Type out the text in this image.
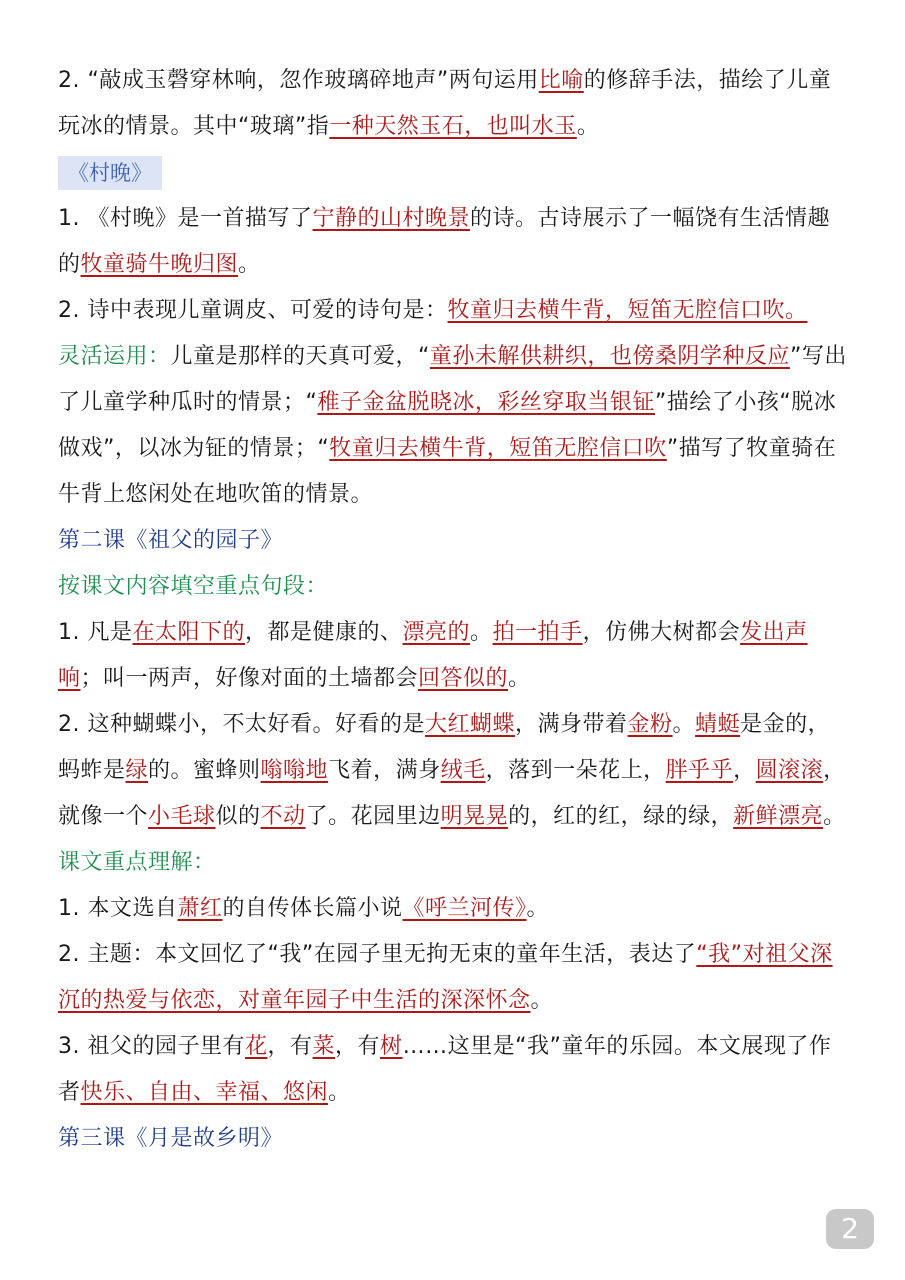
2. “敲成玉磬穿林响，忽作玻璃碎地声”两句运用比喻的修辞手法，描绘了儿童玩冰的情景。其中“玻璃”指一种天然玉石，也叫水玉。

《村晚》

1. 《村晚》是一首描写了宁静的山村晚景的诗。古诗展示了一幅饶有生活情趣的牧童骑牛晚归图。

2. 诗中表现儿童调皮、可爱的诗句是：牧童归去横牛背，短笛无腔信口吹。

灵活运用：儿童是那样的天真可爱，“童孙未解供耕织，也傍桑阴学种反应”写出了儿童学种瓜时的情景；“稚子金盆脱晓冰，彩丝穿取当银钲”描绘了小孩“脱冰做戏”，以冰为钲的情景；“牧童归去横牛背，短笛无腔信口吹”描写了牧童骑在牛背上悠闲处在地吹笛的情景。

第二课《祖父的园子》

按课文内容填空重点句段：

1. 凡是在太阳下的，都是健康的、漂亮的。拍一拍手，仿佛大树都会发出声响；叫一两声，好像对面的土墙都会回答似的。

2. 这种蝴蝶小，不太好看。好看的是大红蝴蝶，满身带着金粉。蜻蜓是金的，蚂蚱是绿的。蜜蜂则嗡嗡地飞着，满身绒毛，落到一朵花上，胖乎乎，圆滚滚，就像一个小毛球似的不动了。花园里边明晃晃的，红的红，绿的绿，新鲜漂亮。

课文重点理解：

1. 本文选自萧红的自传体长篇小说《呼兰河传》。

2. 主题：本文回忆了“我”在园子里无拘无束的童年生活，表达了“我”对祖父深沉的热爱与依恋，对童年园子中生活的深深怀念。

3. 祖父的园子里有花，有菜，有树……这里是“我”童年的乐园。本文展现了作者快乐、自由、幸福、悠闲。

第三课《月是故乡明》

2
